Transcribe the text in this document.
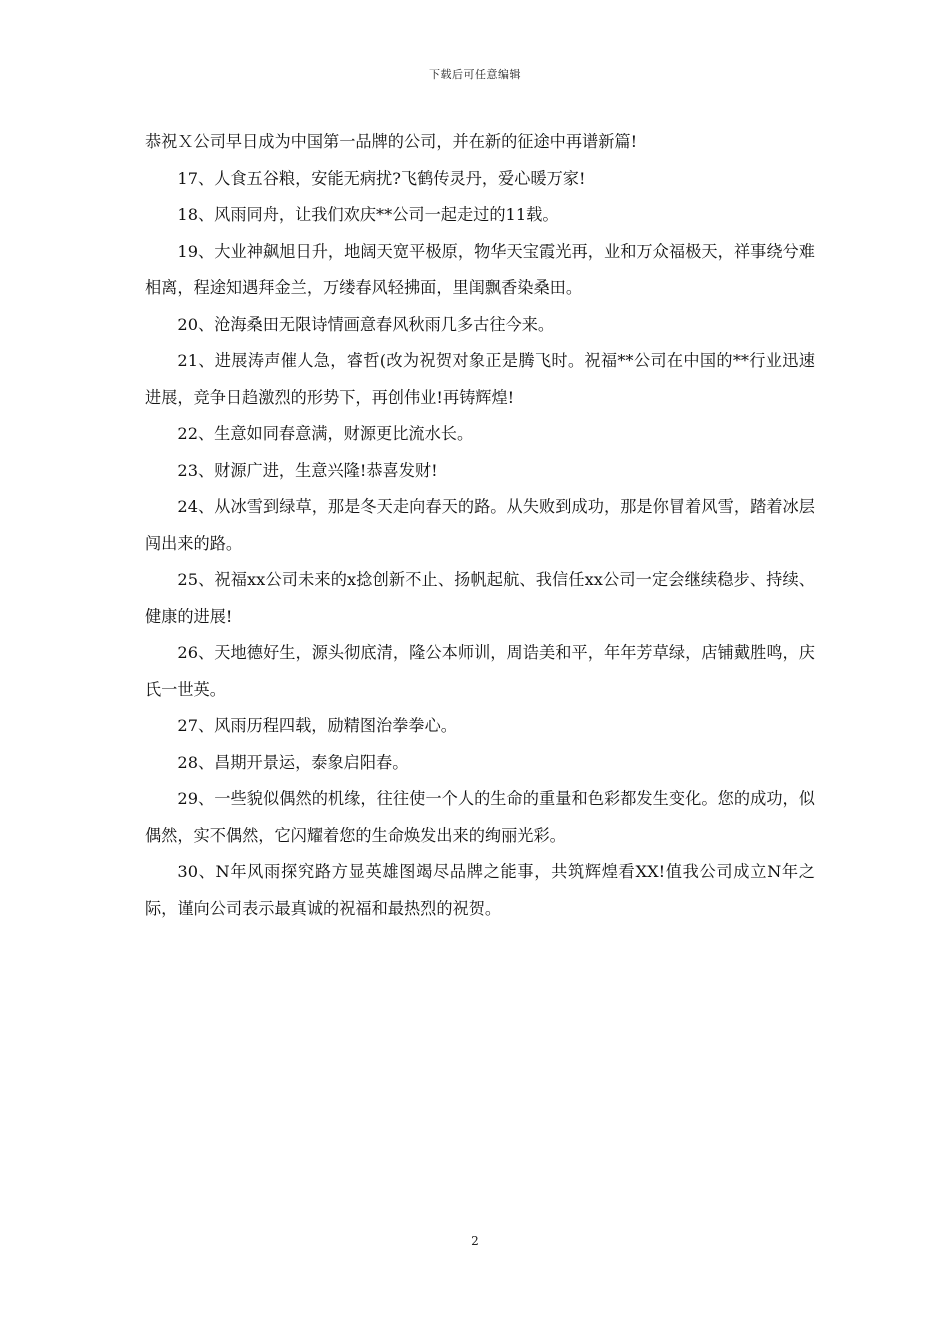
下载后可任意编辑

恭祝Ｘ公司早日成为中国第一品牌的公司，并在新的征途中再谱新篇!

17、人食五谷粮，安能无病扰?飞鹤传灵丹，爱心暖万家!

18、风雨同舟，让我们欢庆**公司一起走过的11载。

19、大业神飙旭日升，地阔天宽平极原，物华天宝霞光再，业和万众福极天，祥事绕兮难相离，程途知遇拜金兰，万缕春风轻拂面，里闺飘香染桑田。

20、沧海桑田无限诗情画意春风秋雨几多古往今来。

21、进展涛声催人急，睿哲(改为祝贺对象正是腾飞时。祝福**公司在中国的**行业迅速进展，竞争日趋激烈的形势下，再创伟业!再铸辉煌!

22、生意如同春意满，财源更比流水长。

23、财源广进，生意兴隆!恭喜发财!

24、从冰雪到绿草，那是冬天走向春天的路。从失败到成功，那是你冒着风雪，踏着冰层闯出来的路。

25、祝福xx公司未来的x捻创新不止、扬帆起航、我信任xx公司一定会继续稳步、持续、健康的进展!

26、天地德好生，源头彻底清，隆公本师训，周诰美和平，年年芳草绿，店铺戴胜鸣，庆氏一世英。

27、风雨历程四载，励精图治拳拳心。

28、昌期开景运，泰象启阳春。

29、一些貌似偶然的机缘，往往使一个人的生命的重量和色彩都发生变化。您的成功，似偶然，实不偶然，它闪耀着您的生命焕发出来的绚丽光彩。

30、N年风雨探究路方显英雄图竭尽品牌之能事，共筑辉煌看XX!值我公司成立N年之际，谨向公司表示最真诚的祝福和最热烈的祝贺。

2
